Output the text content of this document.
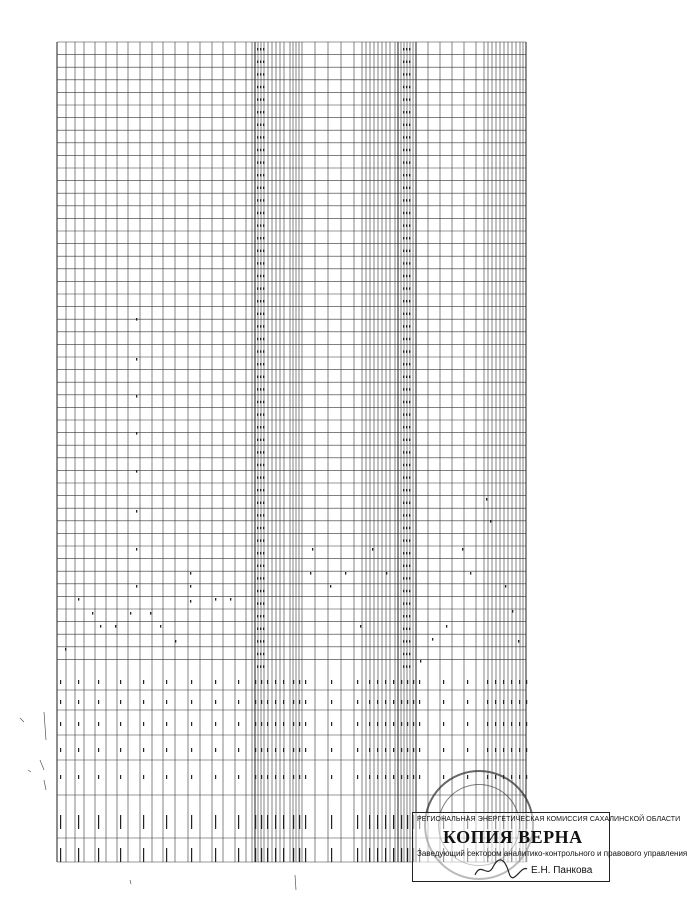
РЕГИОНАЛЬНАЯ ЭНЕРГЕТИЧЕСКАЯ КОМИССИЯ САХАЛИНСКОЙ ОБЛАСТИ
КОПИЯ ВЕРНА
Заведующий сектором аналитико-контрольного и правового управления
Е.Н. Панкова
